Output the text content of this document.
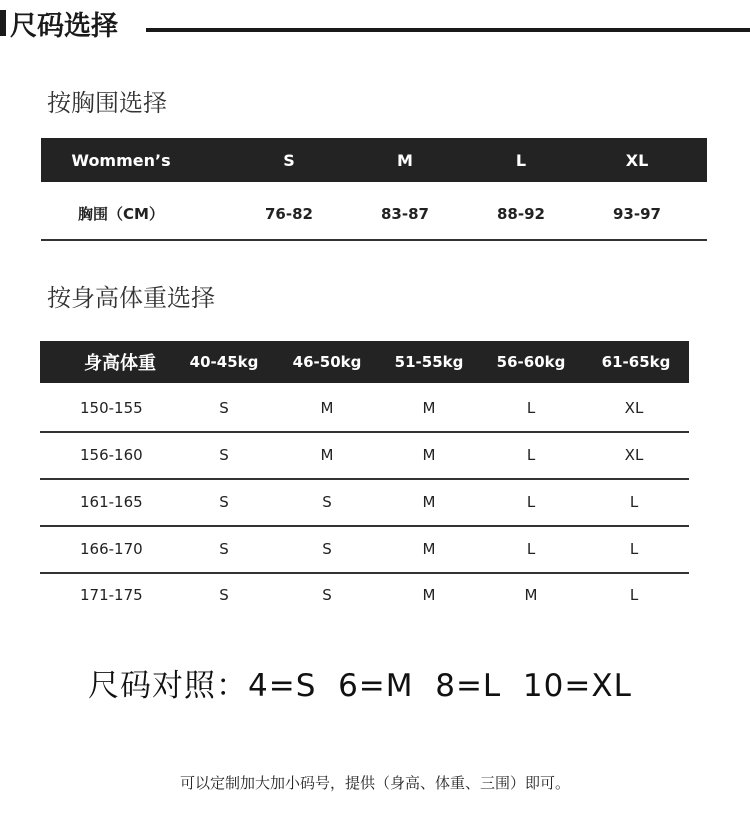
尺码选择
按胸围选择
Wommen’s	S	M	L	XL
胸围（CM）	76-82	83-87	88-92	93-97
按身高体重选择
身高体重	40-45kg	46-50kg	51-55kg	56-60kg	61-65kg
150-155	S	M	M	L	XL
156-160	S	M	M	L	XL
161-165	S	S	M	L	L
166-170	S	S	M	L	L
171-175	S	S	M	M	L
尺码对照：4=S  6=M  8=L  10=XL
可以定制加大加小码号，提供（身高、体重、三围）即可。
